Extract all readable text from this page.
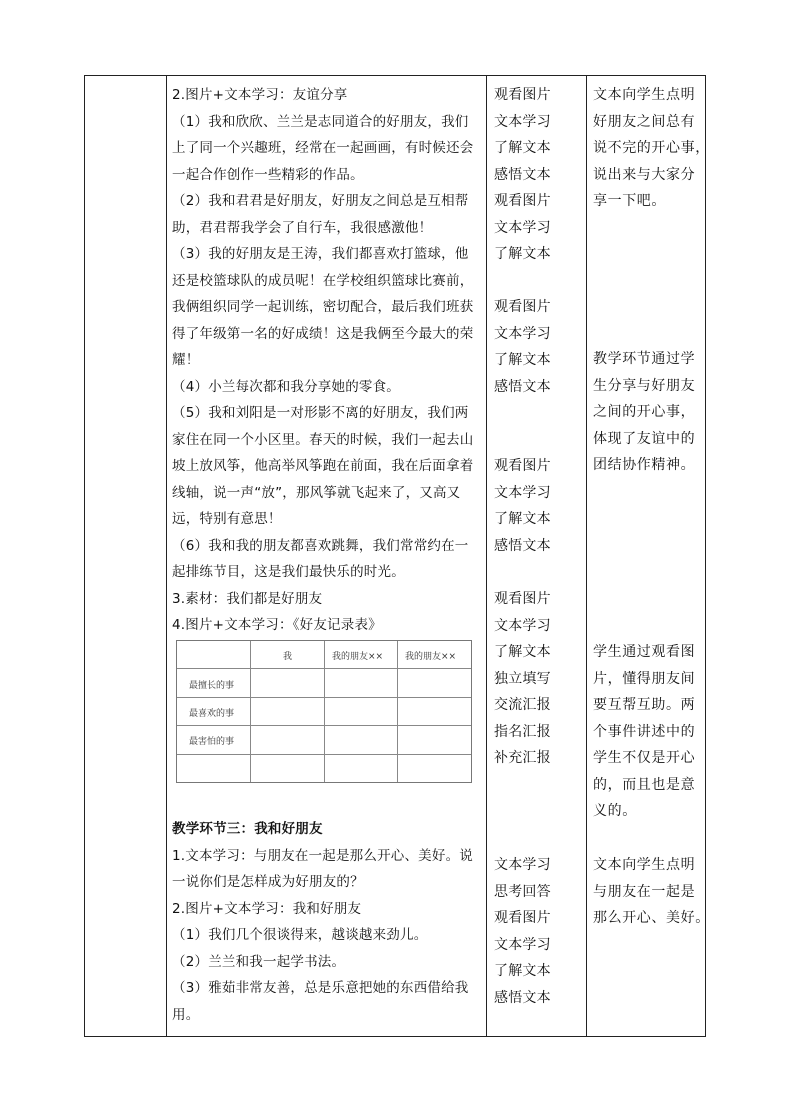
2.图片+文本学习：友谊分享
（1）我和欣欣、兰兰是志同道合的好朋友，我们
上了同一个兴趣班，经常在一起画画，有时候还会
一起合作创作一些精彩的作品。
（2）我和君君是好朋友，好朋友之间总是互相帮
助，君君帮我学会了自行车，我很感激他！
（3）我的好朋友是王涛，我们都喜欢打篮球，他
还是校篮球队的成员呢！在学校组织篮球比赛前，
我俩组织同学一起训练，密切配合，最后我们班获
得了年级第一名的好成绩！这是我俩至今最大的荣
耀！
（4）小兰每次都和我分享她的零食。
（5）我和刘阳是一对形影不离的好朋友，我们两
家住在同一个小区里。春天的时候，我们一起去山
坡上放风筝，他高举风筝跑在前面，我在后面拿着
线轴，说一声“放”，那风筝就飞起来了，又高又
远，特别有意思！
（6）我和我的朋友都喜欢跳舞，我们常常约在一
起排练节目，这是我们最快乐的时光。
3.素材：我们都是好朋友
4.图片+文本学习：《好友记录表》
我	我的朋友×× 我的朋友××
最擅长的事
最喜欢的事
最害怕的事
教学环节三：我和好朋友
1.文本学习：与朋友在一起是那么开心、美好。说
一说你们是怎样成为好朋友的？
2.图片+文本学习：我和好朋友
（1）我们几个很谈得来，越谈越来劲儿。
（2）兰兰和我一起学书法。
（3）雅茹非常友善，总是乐意把她的东西借给我
用。
观看图片
文本学习
了解文本
感悟文本
观看图片
文本学习
了解文本
观看图片
文本学习
了解文本
感悟文本
观看图片
文本学习
了解文本
感悟文本
观看图片
文本学习
了解文本
独立填写
交流汇报
指名汇报
补充汇报
文本学习
思考回答
观看图片
文本学习
了解文本
感悟文本
文本向学生点明
好朋友之间总有
说不完的开心事，
说出来与大家分
享一下吧。
教学环节通过学
生分享与好朋友
之间的开心事，
体现了友谊中的
团结协作精神。
学生通过观看图
片，懂得朋友间
要互帮互助。两
个事件讲述中的
学生不仅是开心
的，而且也是意
义的。
文本向学生点明
与朋友在一起是
那么开心、美好。
